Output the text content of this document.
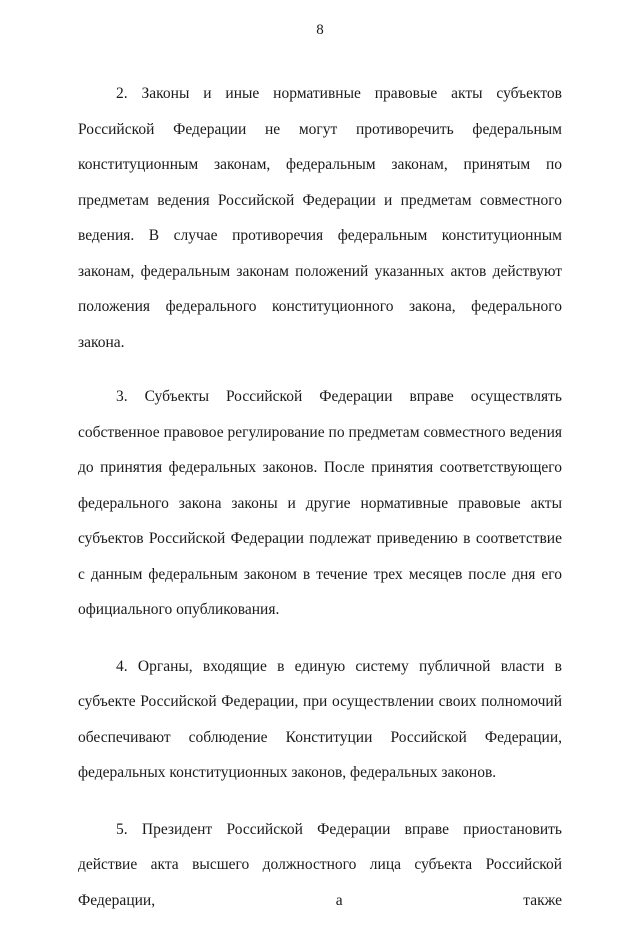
8

2. Законы и иные нормативные правовые акты субъектов Российской Федерации не могут противоречить федеральным конституционным законам, федеральным законам, принятым по предметам ведения Российской Федерации и предметам совместного ведения. В случае противоречия федеральным конституционным законам, федеральным законам положений указанных актов действуют положения федерального конституционного закона, федерального закона.

3. Субъекты Российской Федерации вправе осуществлять собственное правовое регулирование по предметам совместного ведения до принятия федеральных законов. После принятия соответствующего федерального закона законы и другие нормативные правовые акты субъектов Российской Федерации подлежат приведению в соответствие с данным федеральным законом в течение трех месяцев после дня его официального опубликования.

4. Органы, входящие в единую систему публичной власти в субъекте Российской Федерации, при осуществлении своих полномочий обеспечивают соблюдение Конституции Российской Федерации, федеральных конституционных законов, федеральных законов.

5. Президент Российской Федерации вправе приостановить действие акта высшего должностного лица субъекта Российской Федерации, а также
